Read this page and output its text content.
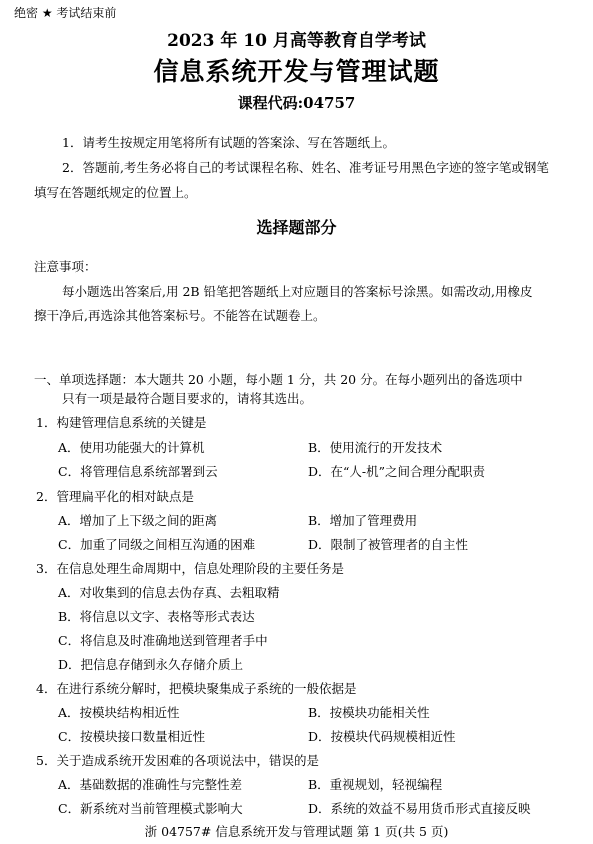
绝密 ★ 考试结束前
2023 年 10 月高等教育自学考试
信息系统开发与管理试题
课程代码:04757
1．请考生按规定用笔将所有试题的答案涂、写在答题纸上。
2．答题前,考生务必将自己的考试课程名称、姓名、准考证号用黑色字迹的签字笔或钢笔
填写在答题纸规定的位置上。
选择题部分
注意事项：
每小题选出答案后,用 2B 铅笔把答题纸上对应题目的答案标号涂黑。如需改动,用橡皮
擦干净后,再选涂其他答案标号。不能答在试题卷上。
一、单项选择题：本大题共 20 小题，每小题 1 分，共 20 分。在每小题列出的备选项中
只有一项是最符合题目要求的，请将其选出。
1．构建管理信息系统的关键是
A．使用功能强大的计算机	B．使用流行的开发技术
C．将管理信息系统部署到云	D．在“人-机”之间合理分配职责
2．管理扁平化的相对缺点是
A．增加了上下级之间的距离	B．增加了管理费用
C．加重了同级之间相互沟通的困难	D．限制了被管理者的自主性
3．在信息处理生命周期中，信息处理阶段的主要任务是
A．对收集到的信息去伪存真、去粗取精
B．将信息以文字、表格等形式表达
C．将信息及时准确地送到管理者手中
D．把信息存储到永久存储介质上
4．在进行系统分解时，把模块聚集成子系统的一般依据是
A．按模块结构相近性	B．按模块功能相关性
C．按模块接口数量相近性	D．按模块代码规模相近性
5．关于造成系统开发困难的各项说法中，错误的是
A．基础数据的准确性与完整性差	B．重视规划，轻视编程
C．新系统对当前管理模式影响大	D．系统的效益不易用货币形式直接反映
浙 04757# 信息系统开发与管理试题 第 1 页(共 5 页)
